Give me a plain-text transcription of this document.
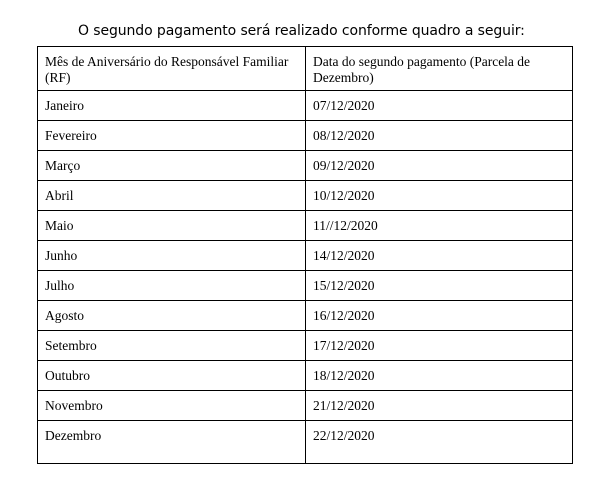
O segundo pagamento será realizado conforme quadro a seguir:

Mês de Aniversário do Responsável Familiar (RF)	Data do segundo pagamento (Parcela de Dezembro)
Janeiro	07/12/2020
Fevereiro	08/12/2020
Março	09/12/2020
Abril	10/12/2020
Maio	11//12/2020
Junho	14/12/2020
Julho	15/12/2020
Agosto	16/12/2020
Setembro	17/12/2020
Outubro	18/12/2020
Novembro	21/12/2020
Dezembro	22/12/2020
